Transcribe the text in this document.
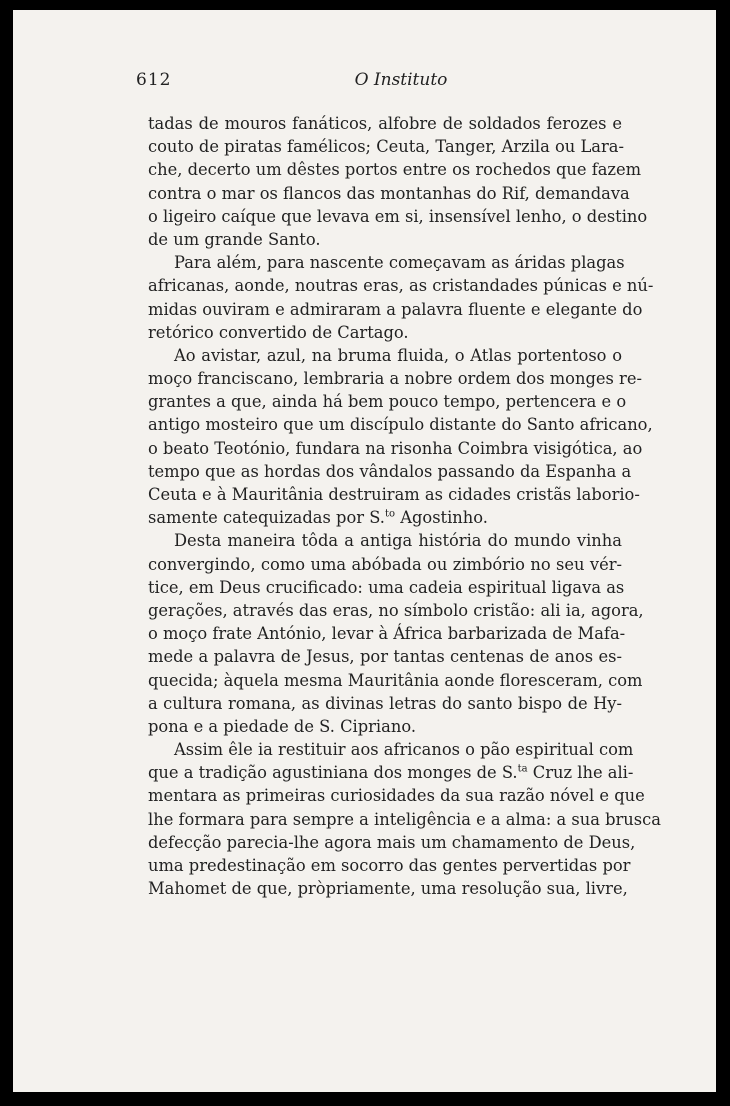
612	O Instituto
tadas de mouros fanáticos, alfobre de soldados ferozes e
couto de piratas famélicos; Ceuta, Tanger, Arzila ou Lara-
che, decerto um dêstes portos entre os rochedos que fazem
contra o mar os flancos das montanhas do Rif, demandava
o ligeiro caíque que levava em si, insensível lenho, o destino
de um grande Santo.
Para além, para nascente começavam as áridas plagas
africanas, aonde, noutras eras, as cristandades púnicas e nú-
midas ouviram e admiraram a palavra fluente e elegante do
retórico convertido de Cartago.
Ao avistar, azul, na bruma fluida, o Atlas portentoso o
moço franciscano, lembraria a nobre ordem dos monges re-
grantes a que, ainda há bem pouco tempo, pertencera e o
antigo mosteiro que um discípulo distante do Santo africano,
o beato Teotónio, fundara na risonha Coimbra visigótica, ao
tempo que as hordas dos vândalos passando da Espanha a
Ceuta e à Mauritânia destruiram as cidades cristãs laborio-
samente catequizadas por S.$^{to}$ Agostinho.
Desta maneira tôda a antiga história do mundo vinha
convergindo, como uma abóbada ou zimbório no seu vér-
tice, em Deus crucificado: uma cadeia espiritual ligava as
gerações, através das eras, no símbolo cristão: ali ia, agora,
o moço frate António, levar à África barbarizada de Mafa-
mede a palavra de Jesus, por tantas centenas de anos es-
quecida; àquela mesma Mauritânia aonde floresceram, com
a cultura romana, as divinas letras do santo bispo de Hy-
pona e a piedade de S. Cipriano.
Assim êle ia restituir aos africanos o pão espiritual com
que a tradição agustiniana dos monges de S.$^{ta}$ Cruz lhe ali-
mentara as primeiras curiosidades da sua razão nóvel e que
lhe formara para sempre a inteligência e a alma: a sua brusca
defecção parecia-lhe agora mais um chamamento de Deus,
uma predestinação em socorro das gentes pervertidas por
Mahomet de que, pròpriamente, uma resolução sua, livre,
